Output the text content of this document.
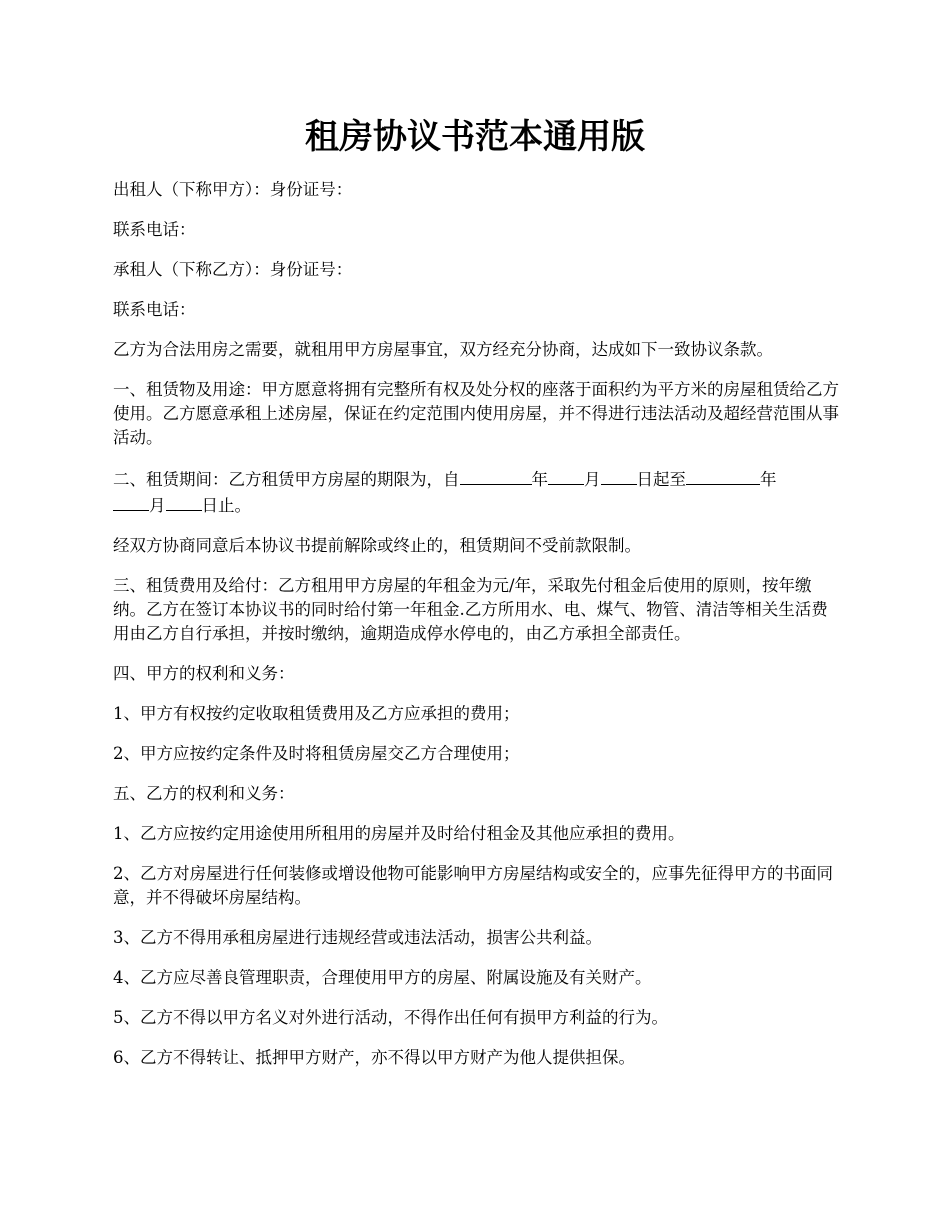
租房协议书范本通用版

出租人（下称甲方）：身份证号：

联系电话：

承租人（下称乙方）：身份证号：

联系电话：

乙方为合法用房之需要，就租用甲方房屋事宜，双方经充分协商，达成如下一致协议条款。

一、租赁物及用途：甲方愿意将拥有完整所有权及处分权的座落于面积约为平方米的房屋租赁给乙方使用。乙方愿意承租上述房屋，保证在约定范围内使用房屋，并不得进行违法活动及超经营范围从事活动。

二、租赁期间：乙方租赁甲方房屋的期限为，自	年 月 日起至	年
月 日止。

经双方协商同意后本协议书提前解除或终止的，租赁期间不受前款限制。

三、租赁费用及给付：乙方租用甲方房屋的年租金为元/年，采取先付租金后使用的原则，按年缴纳。乙方在签订本协议书的同时给付第一年租金.乙方所用水、电、煤气、物管、清洁等相关生活费用由乙方自行承担，并按时缴纳，逾期造成停水停电的，由乙方承担全部责任。

四、甲方的权利和义务：

1、甲方有权按约定收取租赁费用及乙方应承担的费用；

2、甲方应按约定条件及时将租赁房屋交乙方合理使用；

五、乙方的权利和义务：

1、乙方应按约定用途使用所租用的房屋并及时给付租金及其他应承担的费用。

2、乙方对房屋进行任何装修或增设他物可能影响甲方房屋结构或安全的，应事先征得甲方的书面同意，并不得破坏房屋结构。

3、乙方不得用承租房屋进行违规经营或违法活动，损害公共利益。

4、乙方应尽善良管理职责，合理使用甲方的房屋、附属设施及有关财产。

5、乙方不得以甲方名义对外进行活动，不得作出任何有损甲方利益的行为。

6、乙方不得转让、抵押甲方财产，亦不得以甲方财产为他人提供担保。
